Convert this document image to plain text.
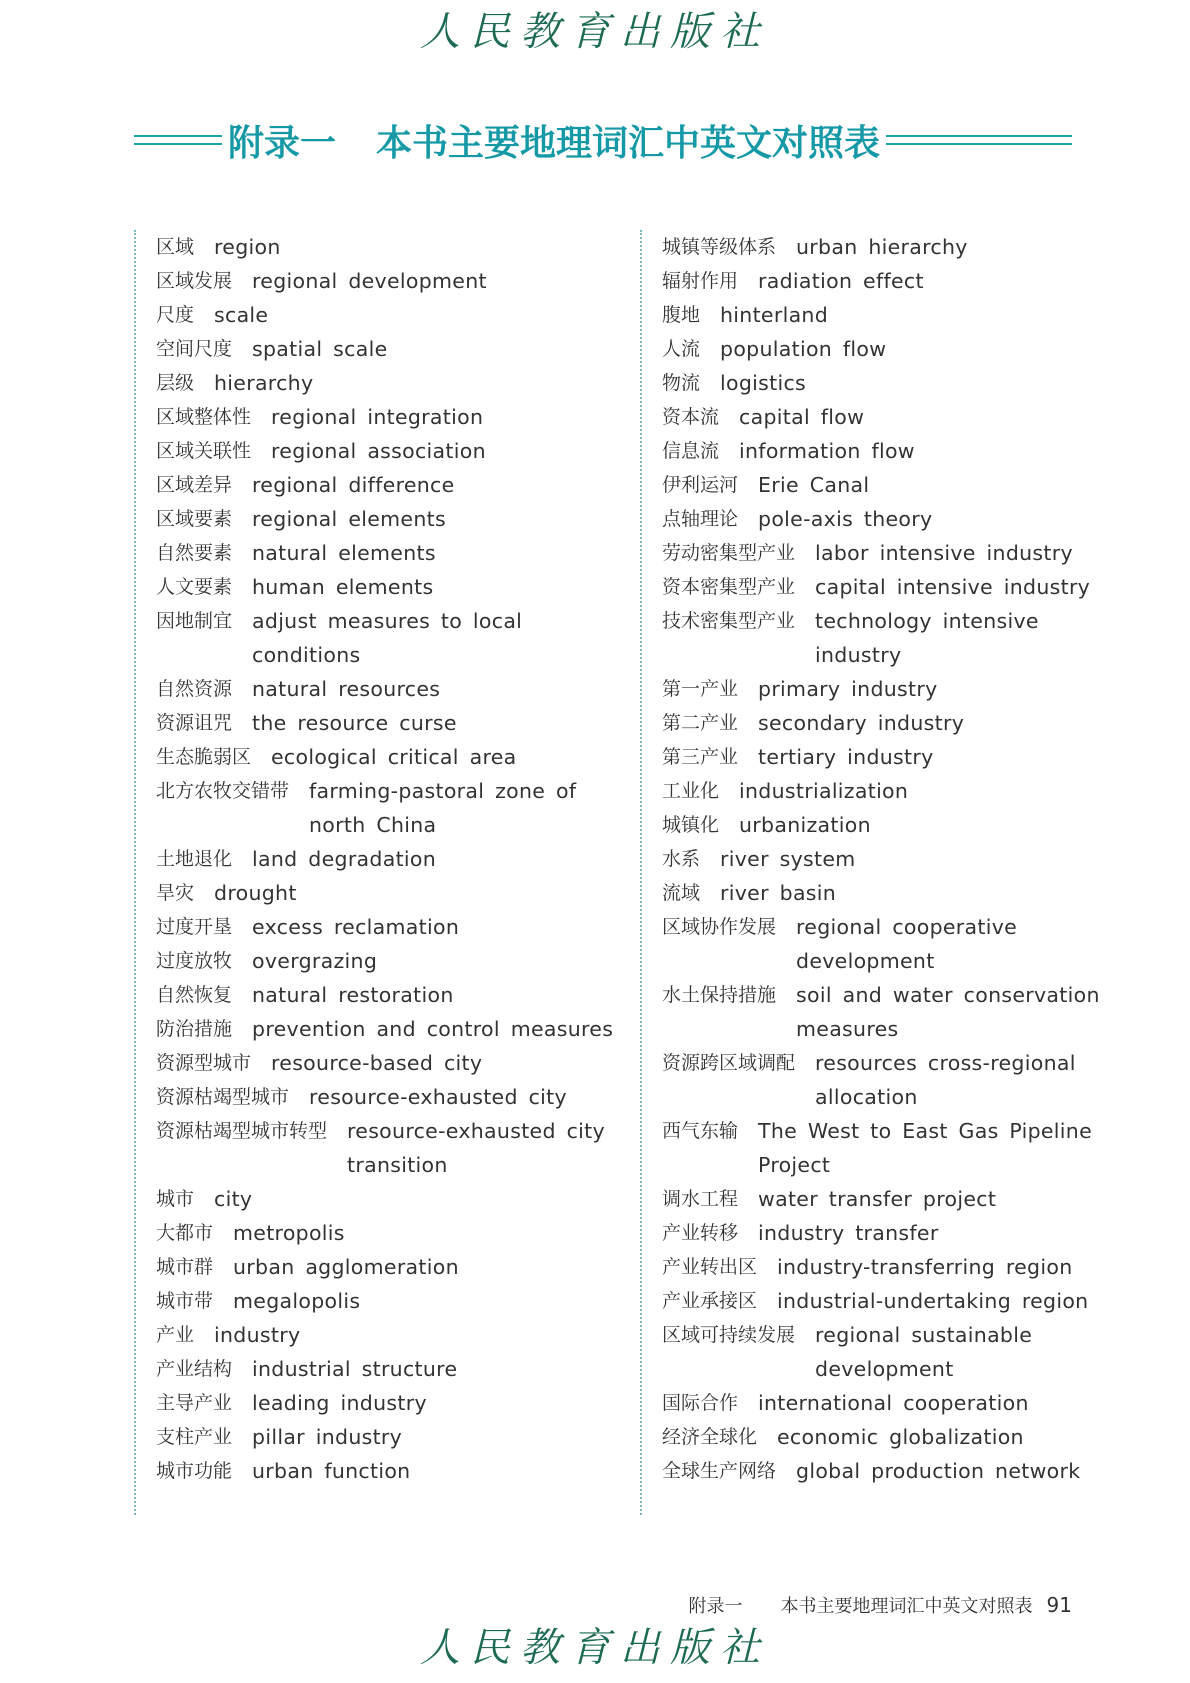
人民教育出版社
附录一 本书主要地理词汇中英文对照表
区域 region
区域发展 regional development
尺度 scale
空间尺度 spatial scale
层级 hierarchy
区域整体性 regional integration
区域关联性 regional association
区域差异 regional difference
区域要素 regional elements
自然要素 natural elements
人文要素 human elements
因地制宜 adjust measures to local conditions
自然资源 natural resources
资源诅咒 the resource curse
生态脆弱区 ecological critical area
北方农牧交错带 farming-pastoral zone of north China
土地退化 land degradation
旱灾 drought
过度开垦 excess reclamation
过度放牧 overgrazing
自然恢复 natural restoration
防治措施 prevention and control measures
资源型城市 resource-based city
资源枯竭型城市 resource-exhausted city
资源枯竭型城市转型 resource-exhausted city transition
城市 city
大都市 metropolis
城市群 urban agglomeration
城市带 megalopolis
产业 industry
产业结构 industrial structure
主导产业 leading industry
支柱产业 pillar industry
城市功能 urban function
城镇等级体系 urban hierarchy
辐射作用 radiation effect
腹地 hinterland
人流 population flow
物流 logistics
资本流 capital flow
信息流 information flow
伊利运河 Erie Canal
点轴理论 pole-axis theory
劳动密集型产业 labor intensive industry
资本密集型产业 capital intensive industry
技术密集型产业 technology intensive industry
第一产业 primary industry
第二产业 secondary industry
第三产业 tertiary industry
工业化 industrialization
城镇化 urbanization
水系 river system
流域 river basin
区域协作发展 regional cooperative development
水土保持措施 soil and water conservation measures
资源跨区域调配 resources cross-regional allocation
西气东输 The West to East Gas Pipeline Project
调水工程 water transfer project
产业转移 industry transfer
产业转出区 industry-transferring region
产业承接区 industrial-undertaking region
区域可持续发展 regional sustainable development
国际合作 international cooperation
经济全球化 economic globalization
全球生产网络 global production network
附录一 本书主要地理词汇中英文对照表 91
人民教育出版社
